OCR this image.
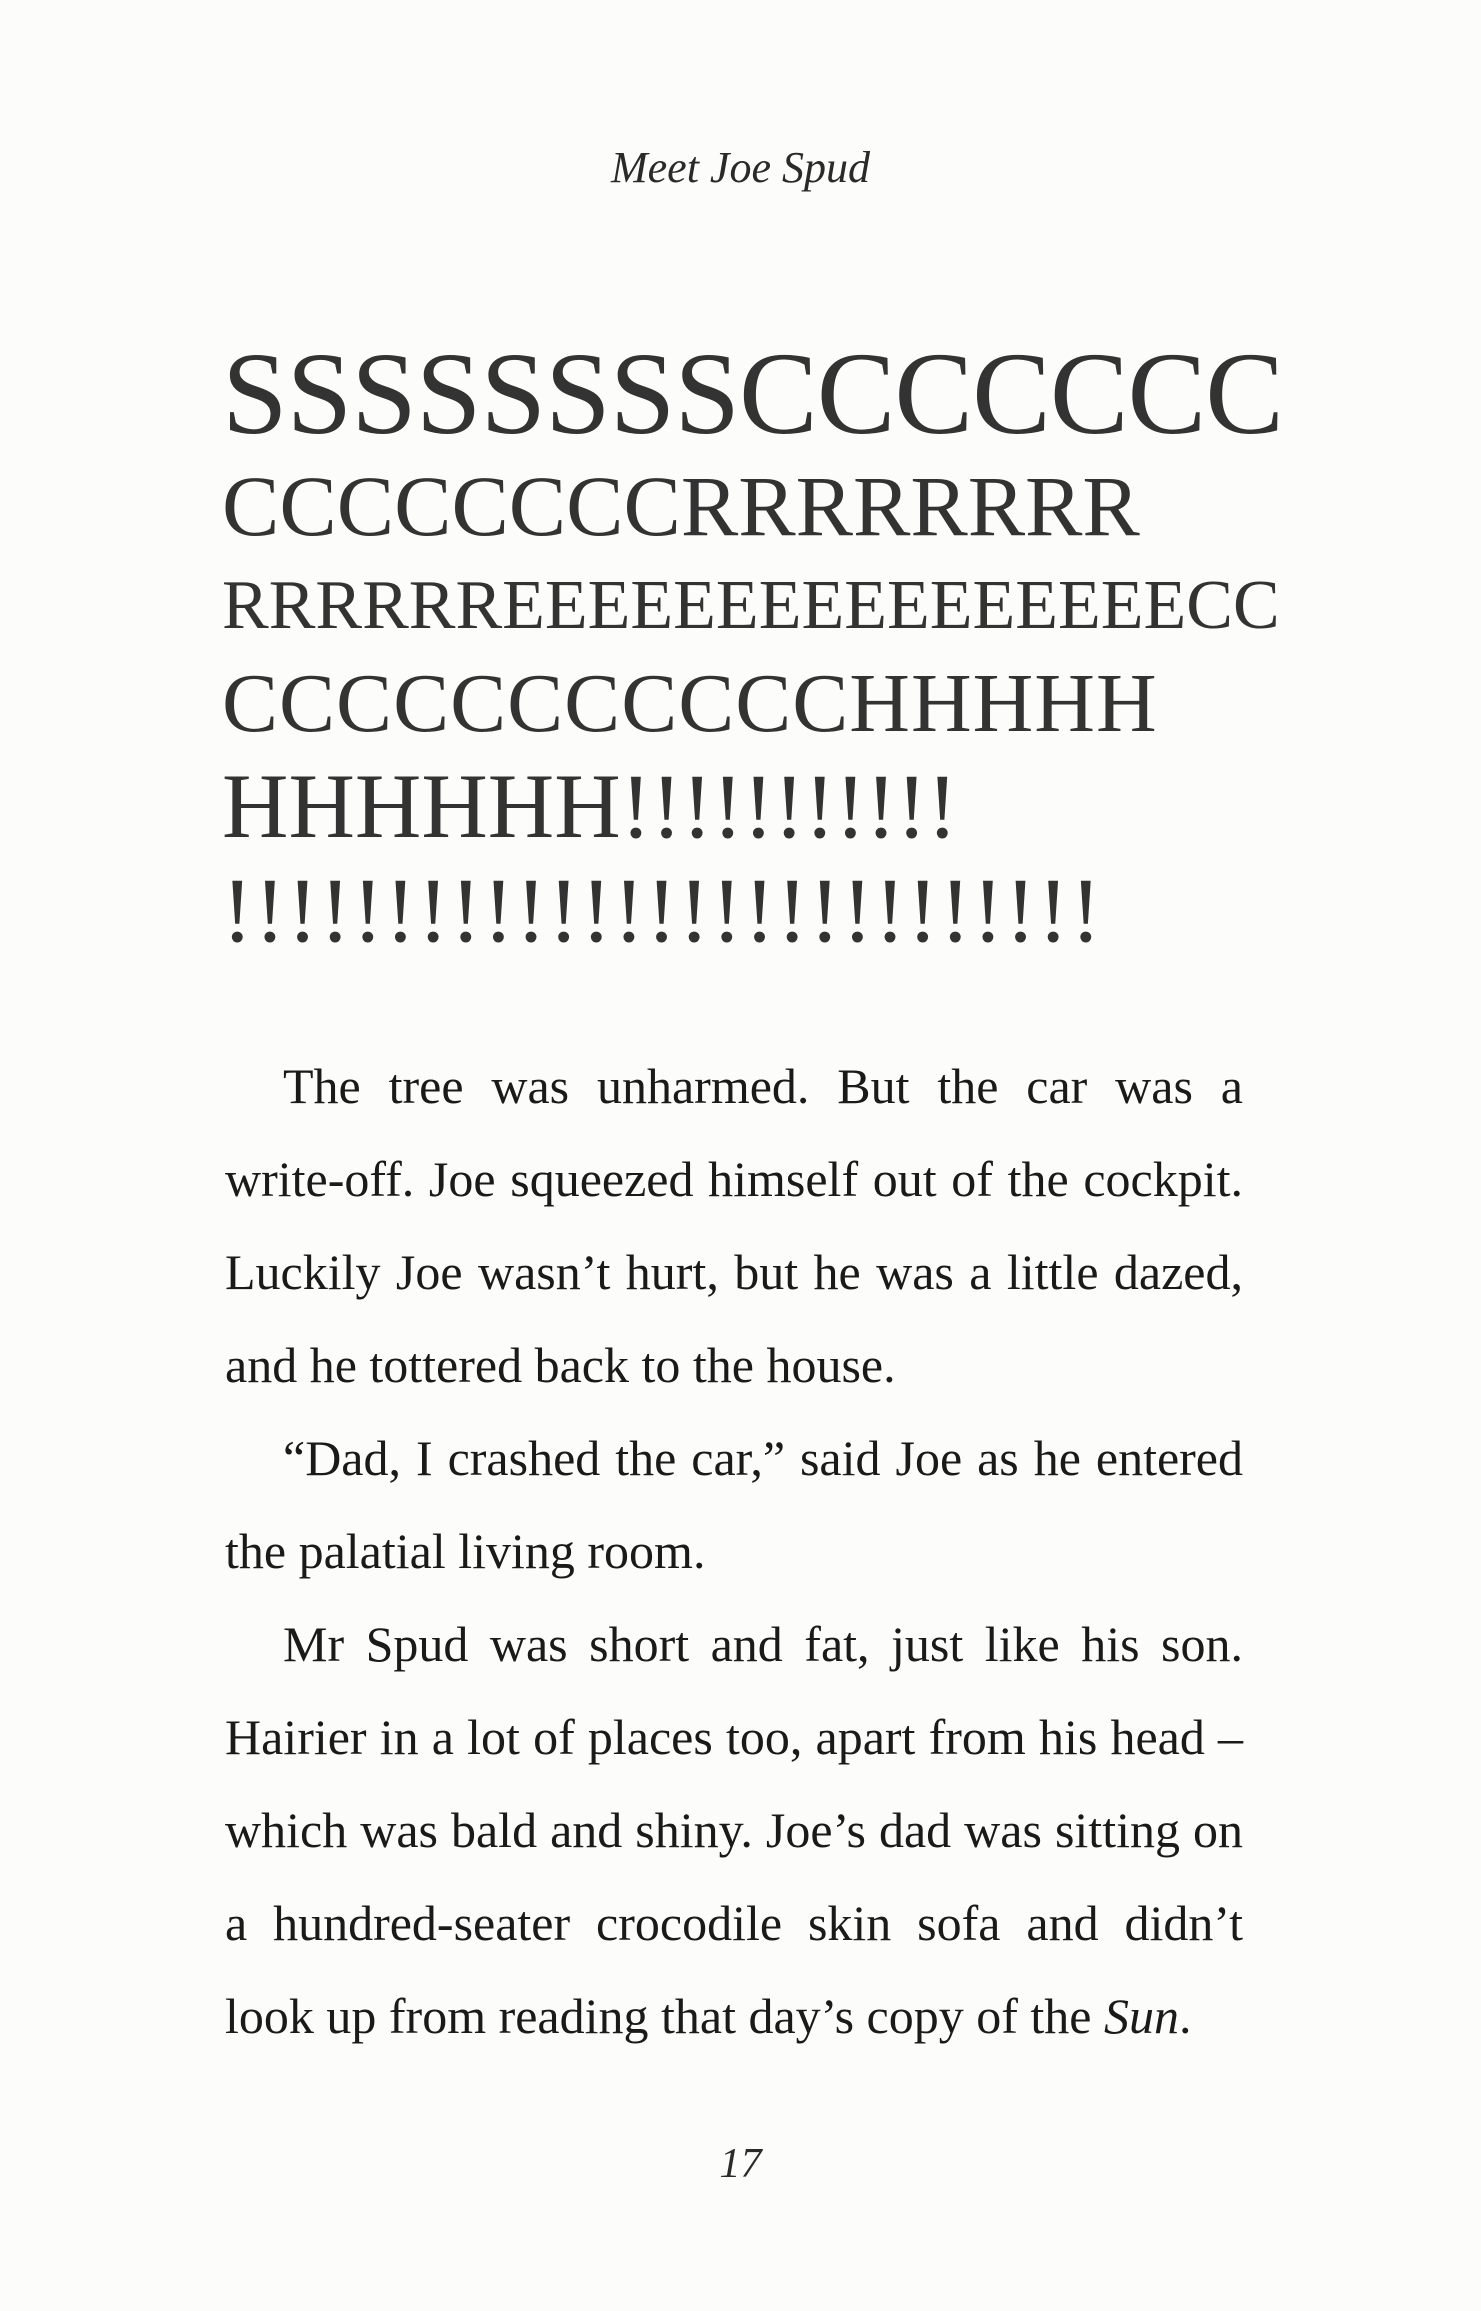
Meet Joe Spud
SSSSSSSSCCCCCCC
CCCCCCCCRRRRRRRR
RRRRRREEEEEEEEEEEEEEEECC
CCCCCCCCCCCHHHHH
HHHHHH!!!!!!!!!!!
!!!!!!!!!!!!!!!!!!!!!!!!!!!

The tree was unharmed. But the car was a write-off. Joe squeezed himself out of the cockpit. Luckily Joe wasn’t hurt, but he was a little dazed, and he tottered back to the house.

“Dad, I crashed the car,” said Joe as he entered the palatial living room.

Mr Spud was short and fat, just like his son. Hairier in a lot of places too, apart from his head – which was bald and shiny. Joe’s dad was sitting on a hundred-seater crocodile skin sofa and didn’t look up from reading that day’s copy of the Sun.

17
